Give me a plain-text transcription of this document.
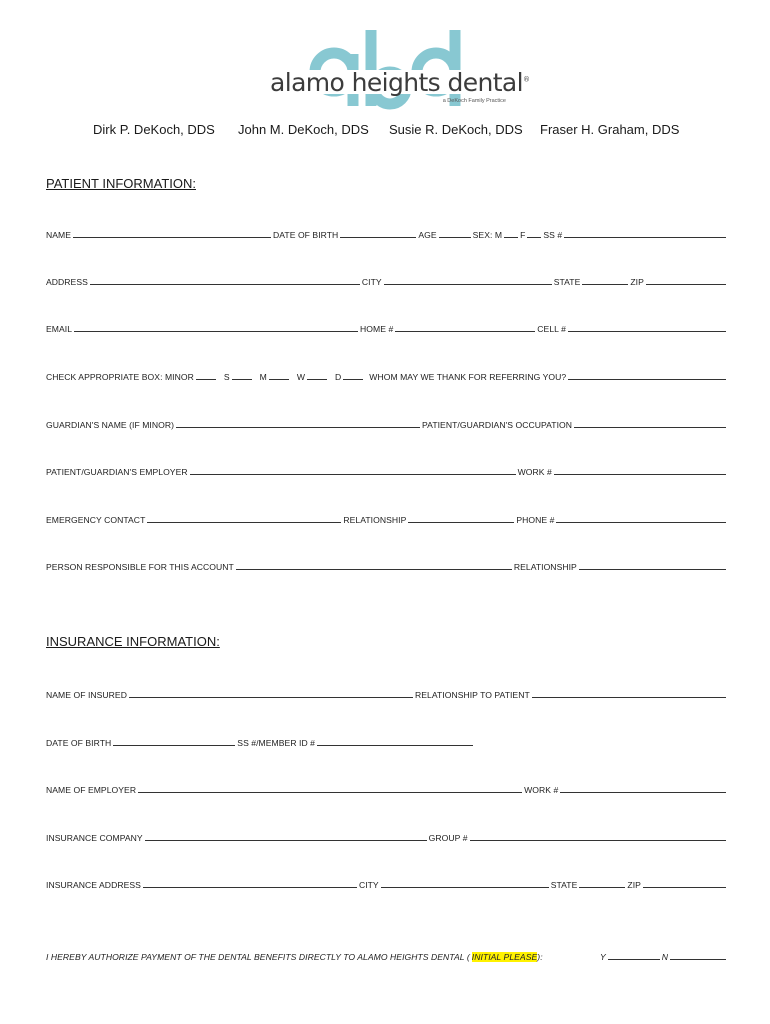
alamo heights dental®
a DeKoch Family Practice
Dirk P. DeKoch, DDS John M. DeKoch, DDS Susie R. DeKoch, DDS Fraser H. Graham, DDS
PATIENT INFORMATION:
NAME	DATE OF BIRTH	AGE	SEX: M F SS #
ADDRESS	CITY	STATE	ZIP
EMAIL	HOME #	CELL #
CHECK APPROPRIATE BOX: MINOR	S	M	W	D	WHOM MAY WE THANK FOR REFERRING YOU?
GUARDIAN'S NAME (IF MINOR)	PATIENT/GUARDIAN'S OCCUPATION
PATIENT/GUARDIAN'S EMPLOYER	WORK #
EMERGENCY CONTACT	RELATIONSHIP	PHONE #
PERSON RESPONSIBLE FOR THIS ACCOUNT	RELATIONSHIP
INSURANCE INFORMATION:
NAME OF INSURED	RELATIONSHIP TO PATIENT
DATE OF BIRTH	SS #/MEMBER ID #
NAME OF EMPLOYER	WORK #
INSURANCE COMPANY	GROUP #
INSURANCE ADDRESS	CITY	STATE	ZIP
I HEREBY AUTHORIZE PAYMENT OF THE DENTAL BENEFITS DIRECTLY TO ALAMO HEIGHTS DENTAL ( INITIAL PLEASE ):	Y	N
